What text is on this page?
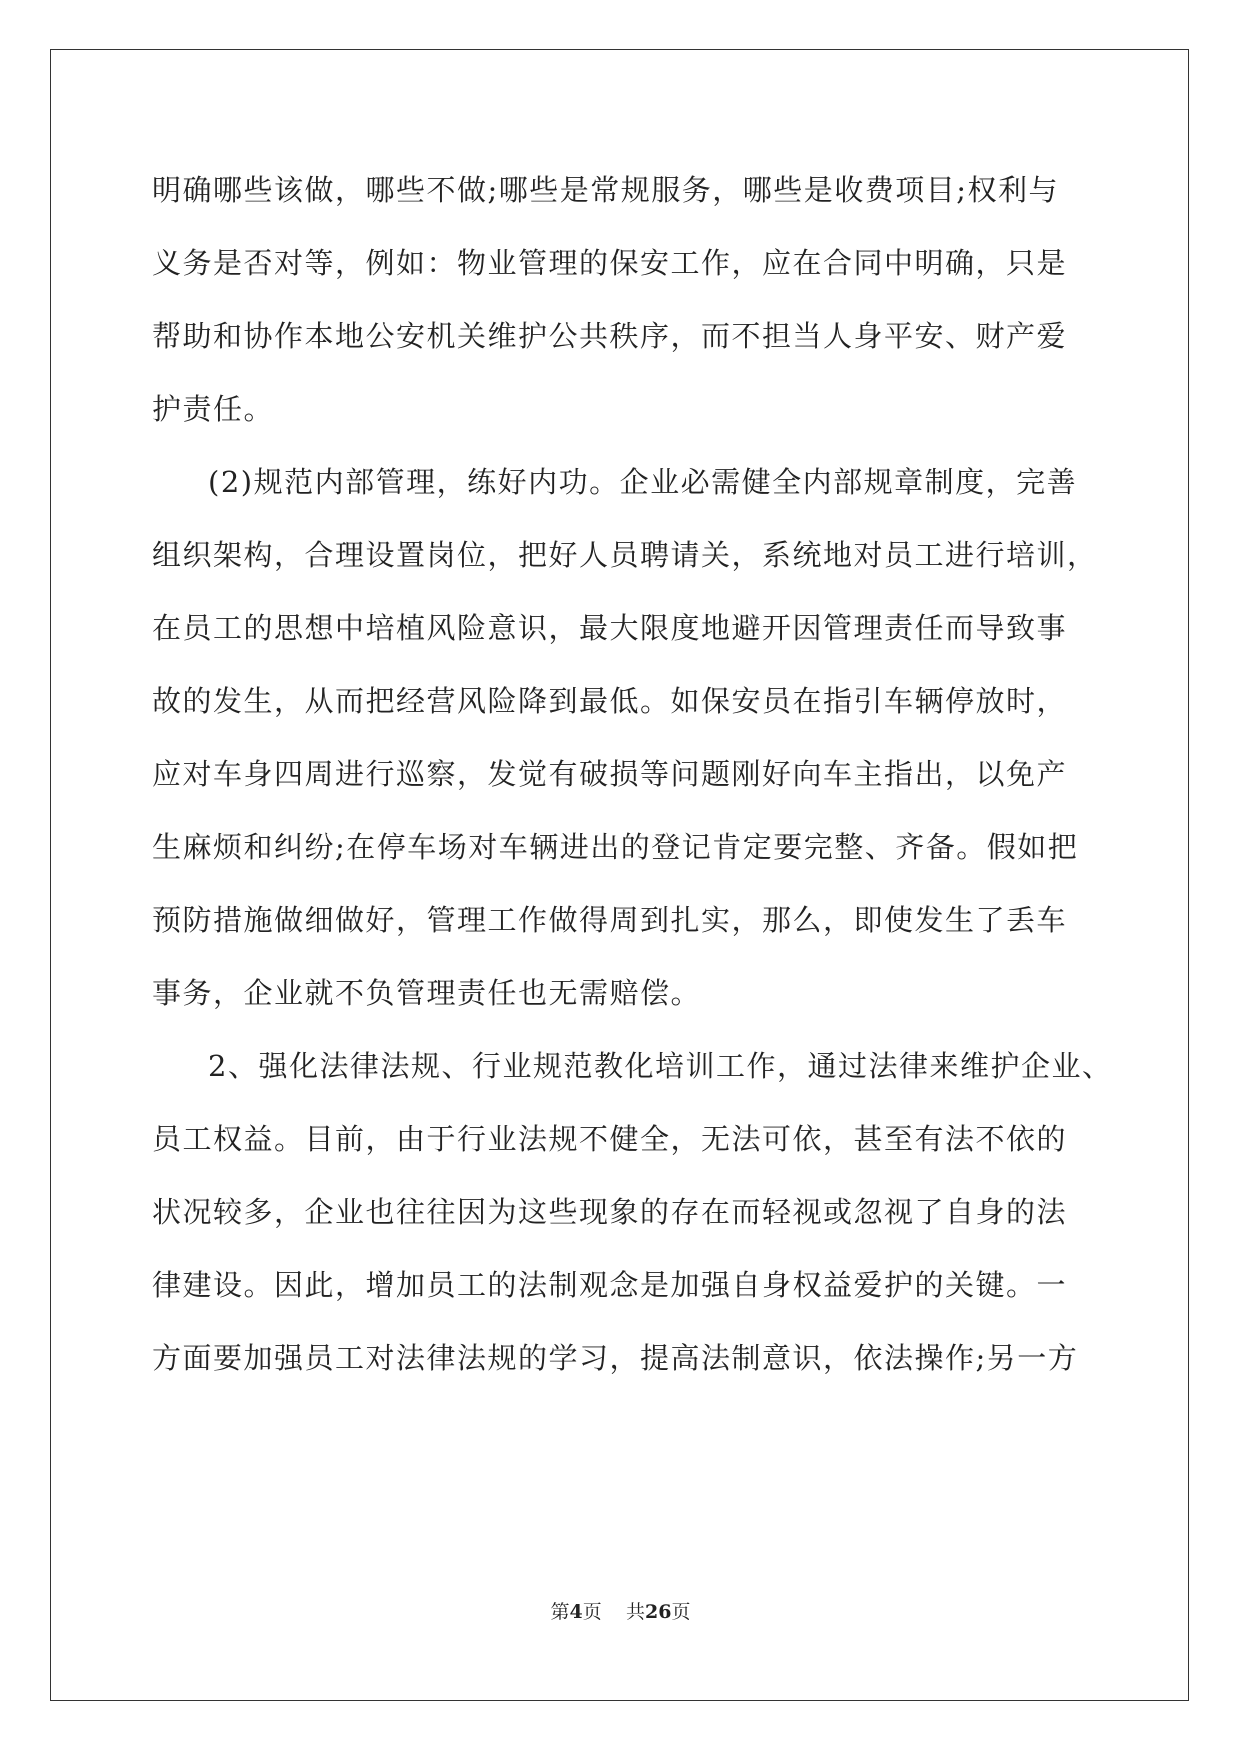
明确哪些该做，哪些不做;哪些是常规服务，哪些是收费项目;权利与
义务是否对等，例如：物业管理的保安工作，应在合同中明确，只是
帮助和协作本地公安机关维护公共秩序，而不担当人身平安、财产爱
护责任。
(2)规范内部管理，练好内功。企业必需健全内部规章制度，完善
组织架构，合理设置岗位，把好人员聘请关，系统地对员工进行培训，
在员工的思想中培植风险意识，最大限度地避开因管理责任而导致事
故的发生，从而把经营风险降到最低。如保安员在指引车辆停放时，
应对车身四周进行巡察，发觉有破损等问题刚好向车主指出，以免产
生麻烦和纠纷;在停车场对车辆进出的登记肯定要完整、齐备。假如把
预防措施做细做好，管理工作做得周到扎实，那么，即使发生了丢车
事务，企业就不负管理责任也无需赔偿。
2、强化法律法规、行业规范教化培训工作，通过法律来维护企业、
员工权益。目前，由于行业法规不健全，无法可依，甚至有法不依的
状况较多，企业也往往因为这些现象的存在而轻视或忽视了自身的法
律建设。因此，增加员工的法制观念是加强自身权益爱护的关键。一
方面要加强员工对法律法规的学习，提高法制意识，依法操作;另一方
第4页 共26页
